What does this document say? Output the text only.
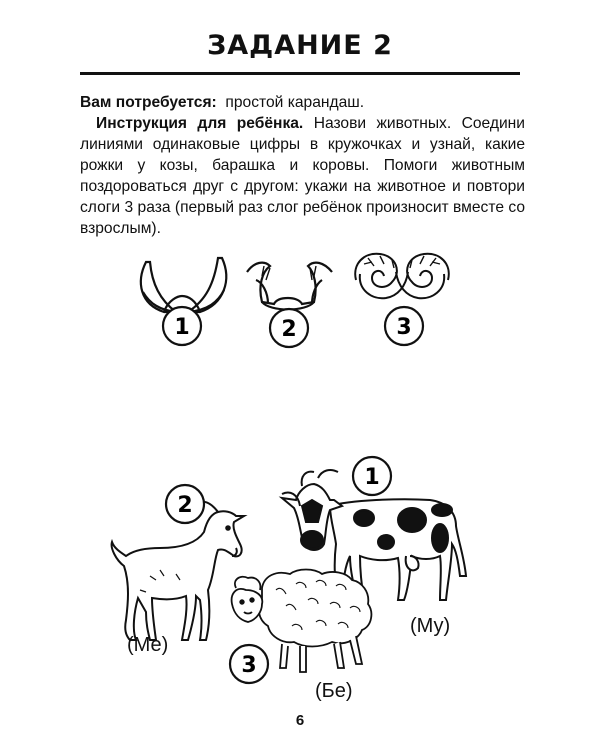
ЗАДАНИЕ 2
Вам потребуется: простой карандаш.
Инструкция для ребёнка. Назови животных. Соедини линиями одинаковые цифры в кружочках и узнай, какие рожки у козы, барашка и коровы. Помоги животным поздороваться друг с другом: укажи на животное и повтори слоги 3 раза (первый раз слог ребёнок произносит вместе со взрослым).
1	2	3
2
1
3
(Ме)
(Му)
(Бе)
6
